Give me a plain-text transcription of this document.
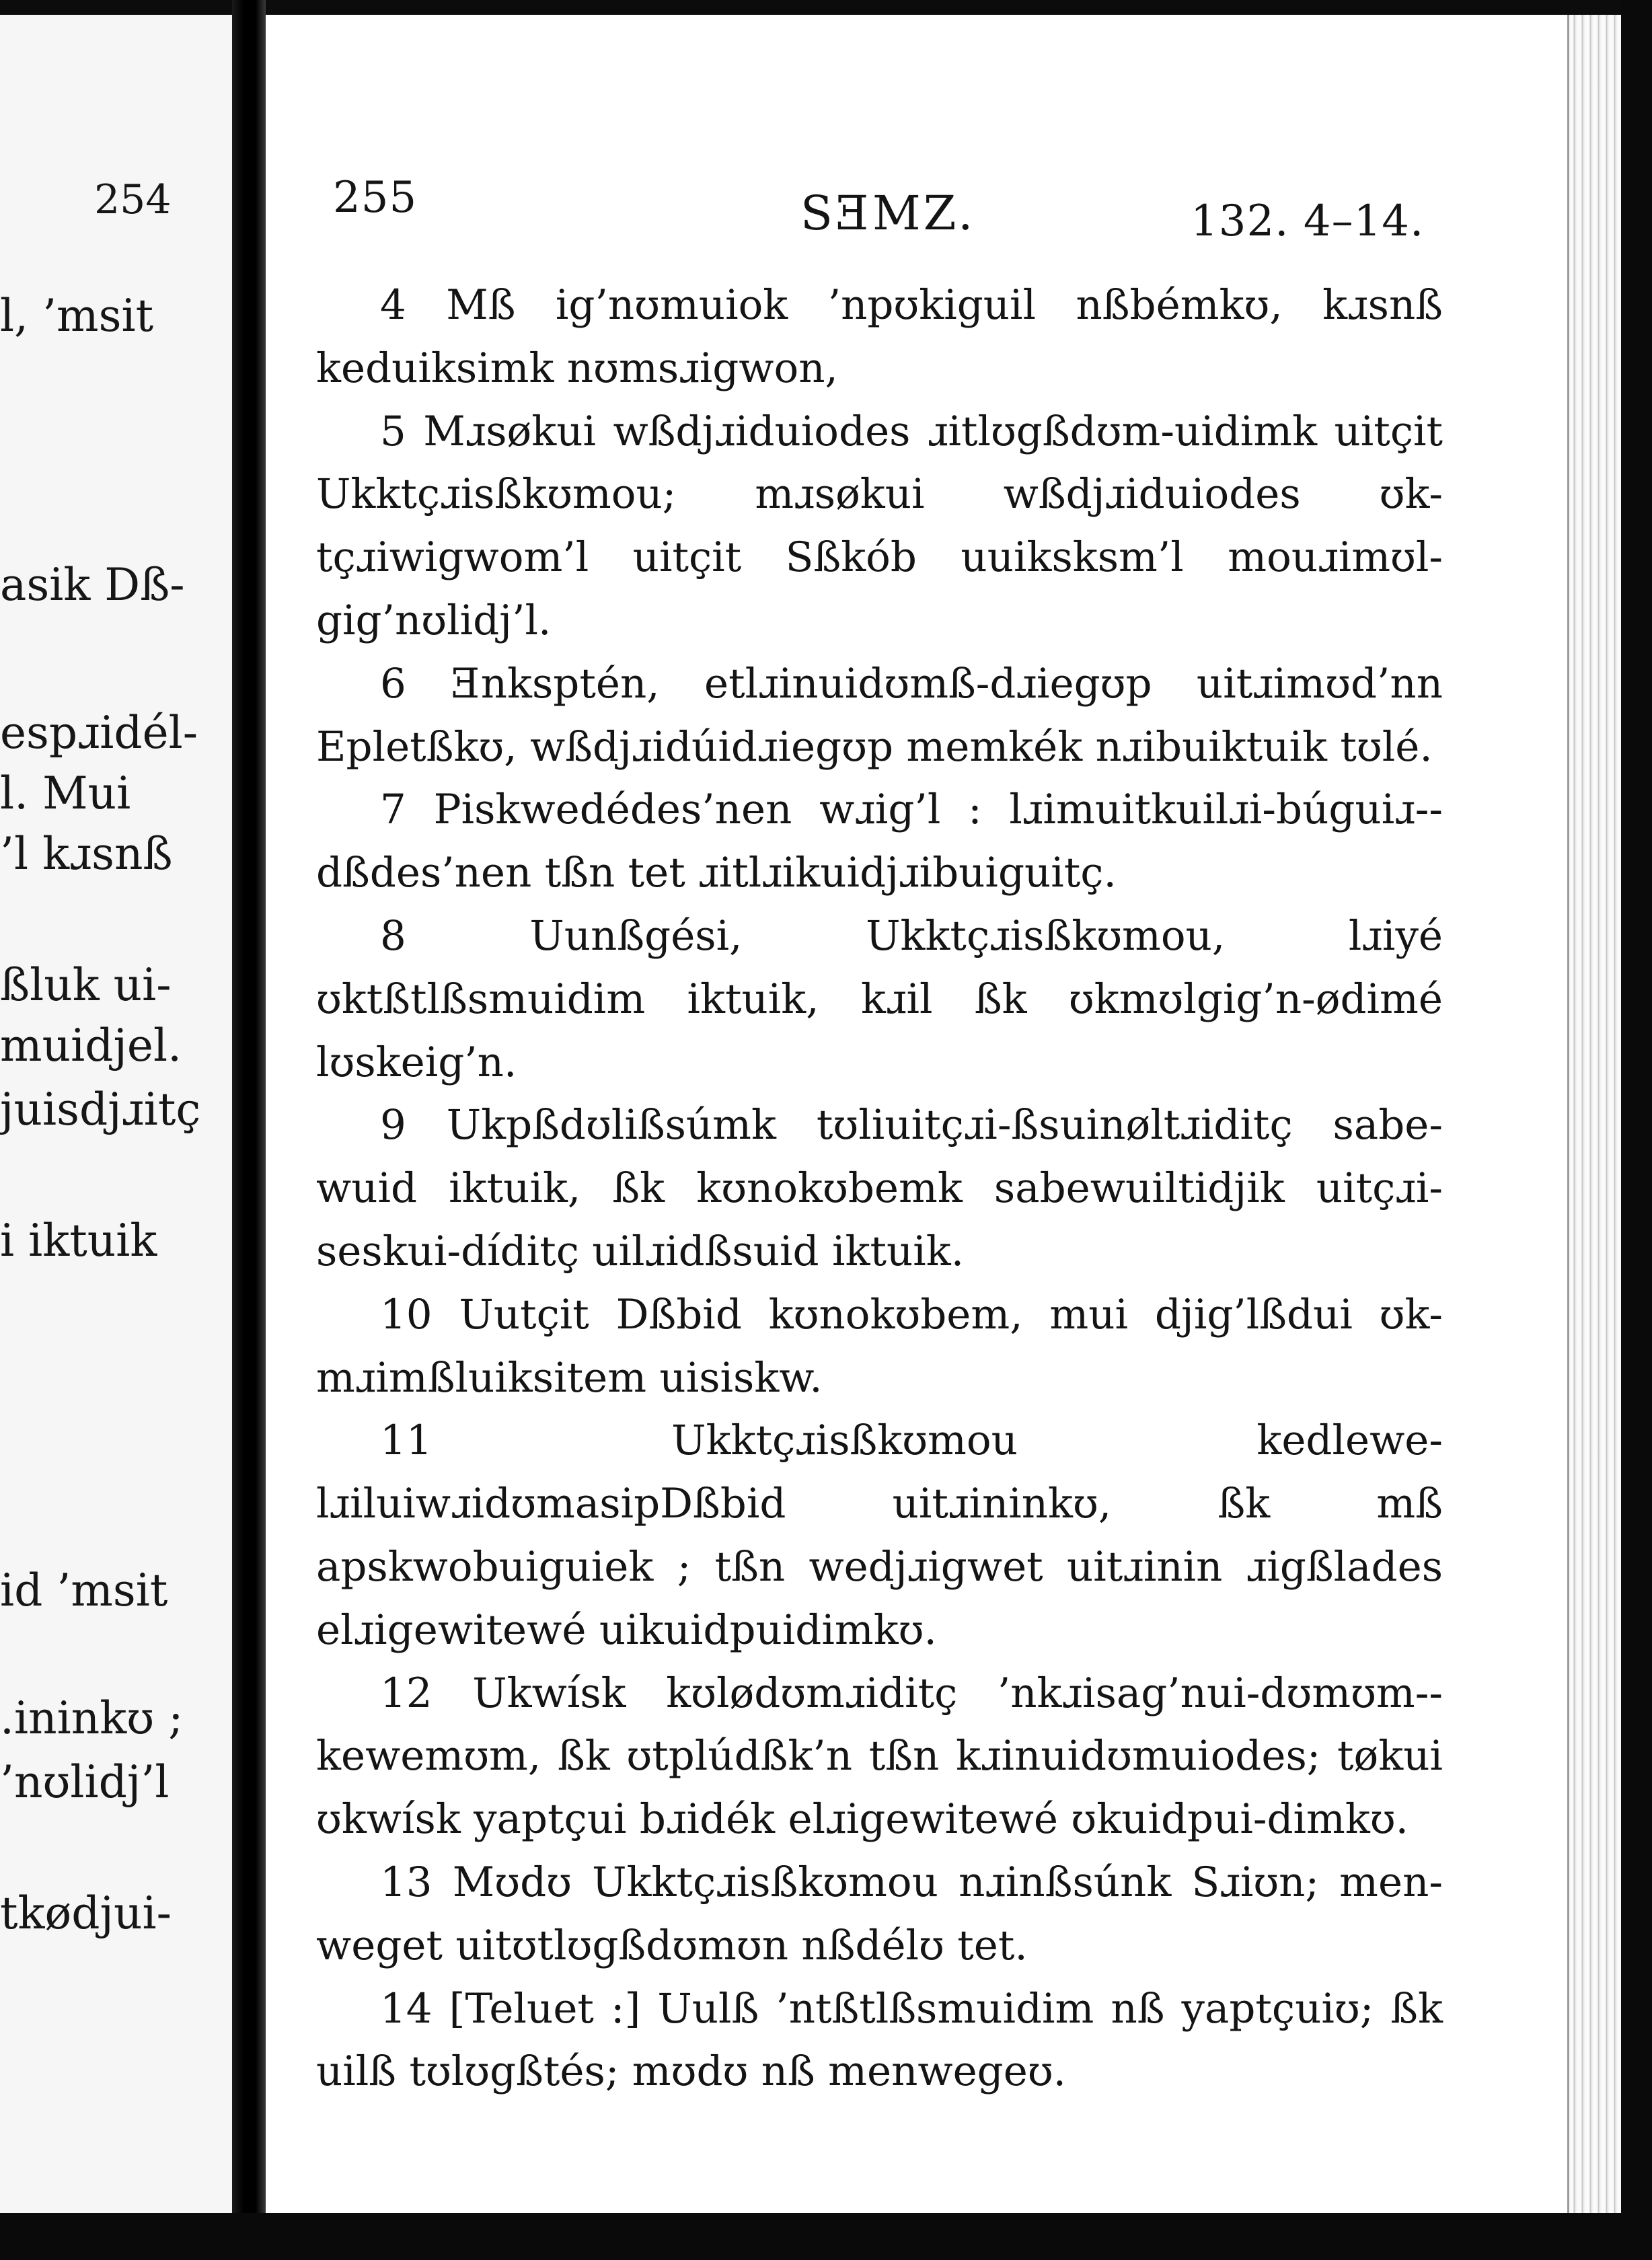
254
l, ’msit
asik Dß-
espɹidél-
l. Mui
’l kɹsnß
ßluk ui-
muidjel.
juisdjɹitç
i iktuik
id ’msit
.ininkʊ ;
’nʊlidj’l
tkødjui-
255	SƎMZ.	132. 4–14.

4 Mß ig’nʊmuiok ’npʊkiguil nßbémkʊ, kɹsnß keduiksimk nʊmsɹigwon,

5 Mɹsøkui wßdjɹiduiodes ɹitlʊgßdʊm-uidimk uitçit Ukktçɹisßkʊmou; mɹsøkui wßdjɹiduiodes ʊk-tçɹiwigwom’l uitçit Sßkób uuiksksm’l mouɹimʊl-gig’nʊlidj’l.

6 Ǝnksptén, etlɹinuidʊmß-dɹiegʊp uitɹimʊd’nn Epletßkʊ, wßdjɹidúidɹiegʊp memkék nɹibuiktuik tʊlé.

7 Piskwedédes’nen wɹig’l : lɹimuitkuilɹi-búguiɹ--dßdes’nen tßn tet ɹitlɹikuidjɹibuiguitç.

8	Uunßgési, Ukktçɹisßkʊmou, lɹiyé ʊktßtlßsmuidim iktuik, kɹil ßk ʊkmʊlgig’n-ødimé lʊskeig’n.

9 Ukpßdʊlißsúmk tʊliuitçɹi-ßsuinøltɹiditç sabe-wuid iktuik, ßk kʊnokʊbemk sabewuiltidjik uitçɹi-seskui-díditç uilɹidßsuid iktuik.

10 Uutçit Dßbid kʊnokʊbem, mui djig’lßdui ʊk-mɹimßluiksitem uisiskw.

11	Ukktçɹisßkʊmou kedlewe-lɹiluiwɹidʊmasipDßbid uitɹininkʊ, ßk mß apskwobuiguiek ; tßn wedjɹigwet uitɹinin ɹigßlades elɹigewitewé uikuidpuidimkʊ.

12 Ukwísk kʊlødʊmɹiditç ’nkɹisag’nui-dʊmʊm--kewemʊm, ßk ʊtplúdßk’n tßn kɹinuidʊmuiodes; tøkui ʊkwísk yaptçui bɹidék elɹigewitewé ʊkuidpui-dimkʊ.

13 Mʊdʊ Ukktçɹisßkʊmou nɹinßsúnk Sɹiʊn; men-weget uitʊtlʊgßdʊmʊn nßdélʊ tet.

14 [Teluet :] Uulß ’ntßtlßsmuidim nß yaptçuiʊ; ßk uilß tʊlʊgßtés; mʊdʊ nß menwegeʊ.
